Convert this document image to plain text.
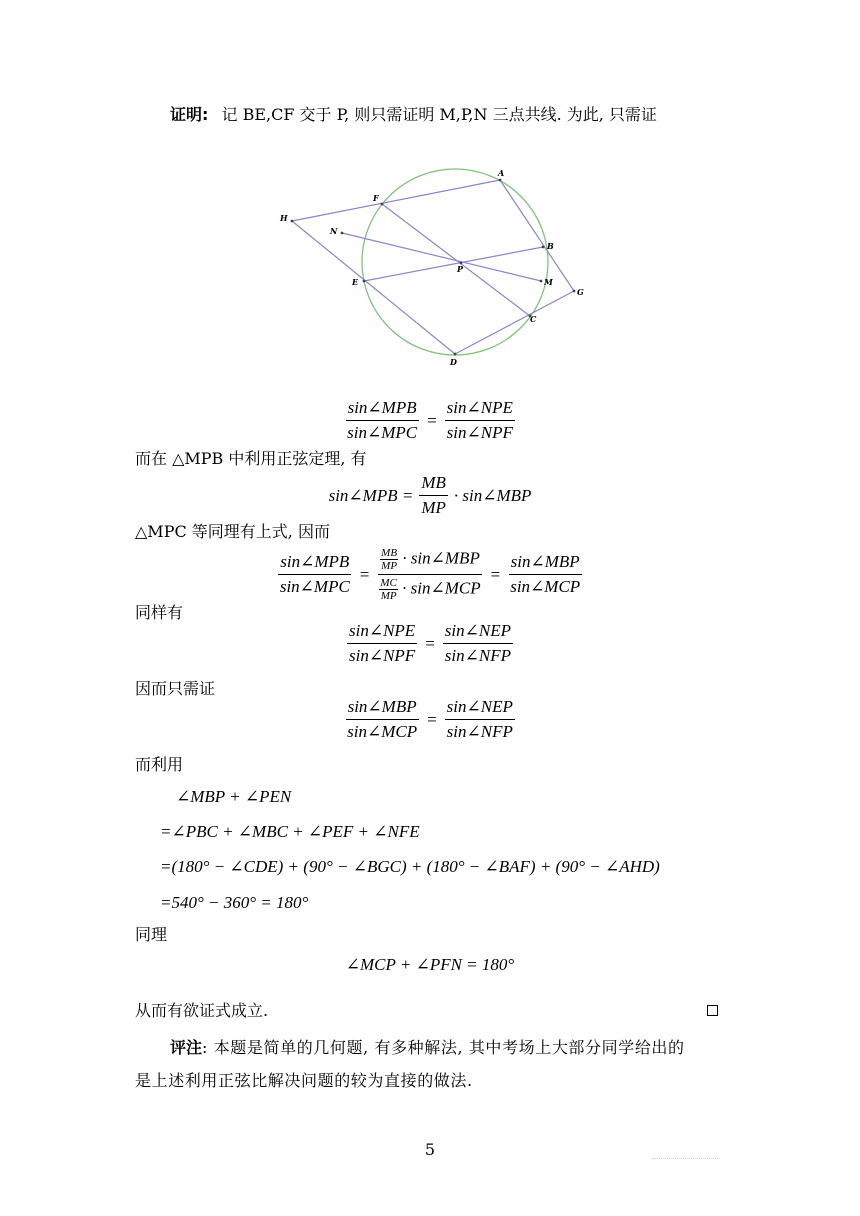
证明: 记 BE,CF 交于 P, 则只需证明 M,P,N 三点共线. 为此, 只需证
A
B
C
D
E
F
G
H
M
N
P
$\frac{\text{sin∠MPB}}{\text{sin∠MPC}} = \frac{\text{sin∠NPE}}{\text{sin∠NPF}}$
而在 △MPB 中利用正弦定理, 有
sin∠MPB = $\frac{MB}{MP}$ · sin∠MBP
△MPC 等同理有上式, 因而
$\frac{\text{sin∠MPB}}{\text{sin∠MPC}} = \frac{\frac{MB}{MP} \cdot \sin\angle MBP}{\frac{MC}{MP} \cdot \sin\angle MCP} = \frac{\text{sin∠MBP}}{\text{sin∠MCP}}$
同样有
$\frac{\text{sin∠NPE}}{\text{sin∠NPF}} = \frac{\text{sin∠NEP}}{\text{sin∠NFP}}$
因而只需证
$\frac{\text{sin∠MBP}}{\text{sin∠MCP}} = \frac{\text{sin∠NEP}}{\text{sin∠NFP}}$
而利用
∠MBP + ∠PEN
=∠PBC + ∠MBC + ∠PEF + ∠NFE
=(180° − ∠CDE) + (90° − ∠BGC) + (180° − ∠BAF) + (90° − ∠AHD)
=540° − 360° = 180°
同理
∠MCP + ∠PFN = 180°
从而有欲证式成立.
评注: 本题是简单的几何题, 有多种解法, 其中考场上大部分同学给出的
是上述利用正弦比解决问题的较为直接的做法.
5
